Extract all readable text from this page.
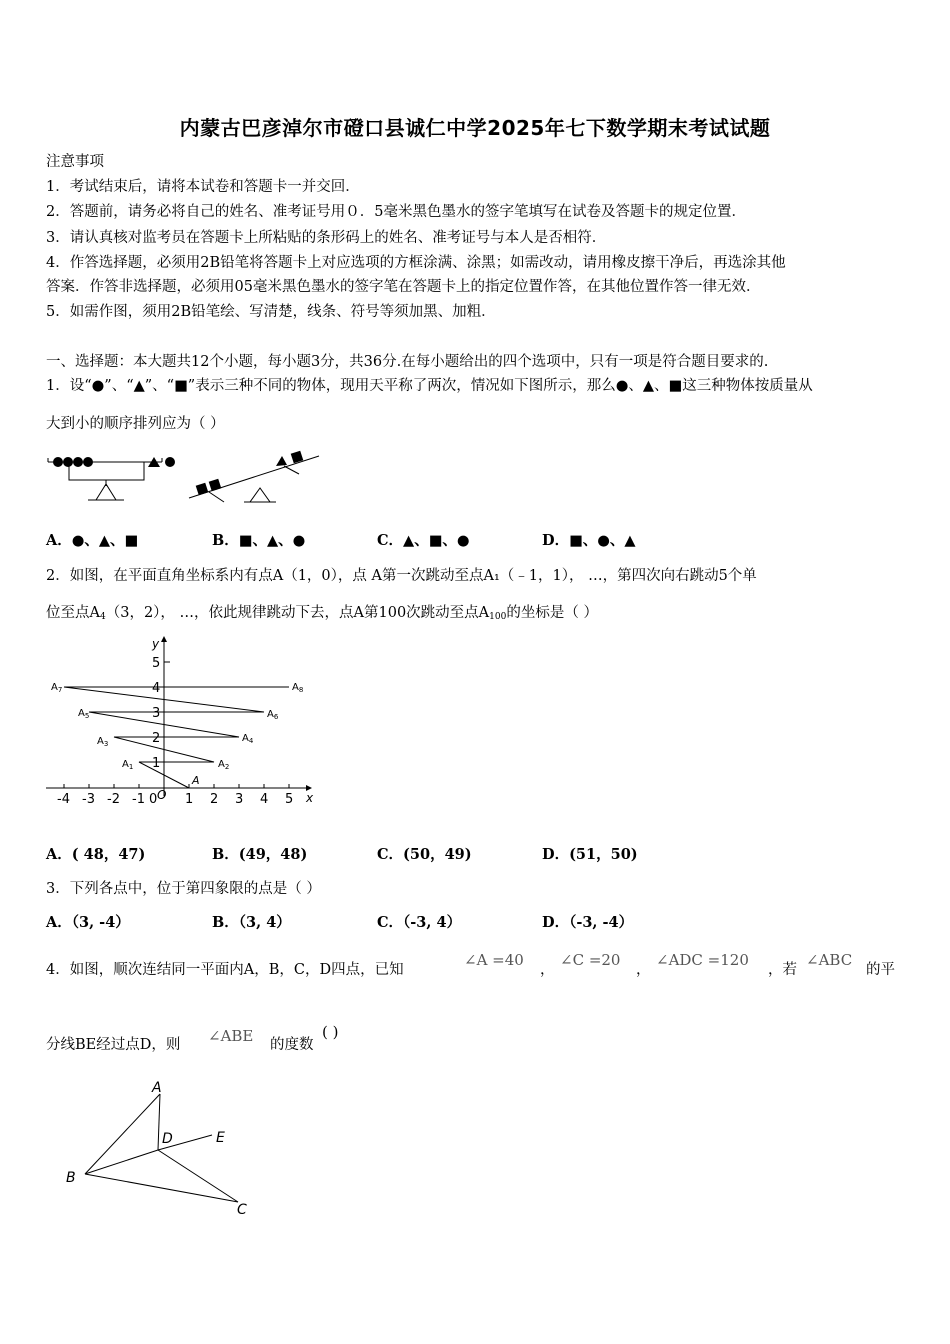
内蒙古巴彦淖尔市磴口县诚仁中学2025年七下数学期末考试试题
注意事项
1．考试结束后，请将本试卷和答题卡一并交回．
2．答题前，请务必将自己的姓名、准考证号用０．5毫米黑色墨水的签字笔填写在试卷及答题卡的规定位置．
3．请认真核对监考员在答题卡上所粘贴的条形码上的姓名、准考证号与本人是否相符．
4．作答选择题，必须用2B铅笔将答题卡上对应选项的方框涂满、涂黑；如需改动，请用橡皮擦干净后，再选涂其他
答案．作答非选择题，必须用05毫米黑色墨水的签字笔在答题卡上的指定位置作答，在其他位置作答一律无效．
5．如需作图，须用2B铅笔绘、写清楚，线条、符号等须加黑、加粗．
一、选择题：本大题共12个小题，每小题3分，共36分.在每小题给出的四个选项中，只有一项是符合题目要求的.
1．设“●”、“▲”、“■”表示三种不同的物体，现用天平称了两次，情况如下图所示，那么●、▲、■这三种物体按质量从
大到小的顺序排列应为（ ）
A．●、▲、■	B．■、▲、●	C．▲、■、●	D．■、●、▲
2．如图，在平面直角坐标系内有点A（1，0），点 A第一次跳动至点A₁（﹣1，1）， …，第四次向右跳动5个单
位至点$A_4(3$，2）， …，依此规律跳动下去，点A第100次跳动至点$A_{100}$的坐标是（ ）
x
y
1
2
3
4
5
-4 -3 -2 -1 0 O 1 2 3 4 5
A
$A_1$	$A_2$
$A_3$	$A_4$
$A_5$	$A_6$
$A_7$	$A_8$
A．( 48，47)	B．(49，48)	C．(50，49)	D．(51，50)
3．下列各点中，位于第四象限的点是（ ）
A．（3, -4）	B．（3, 4）	C．（-3, 4）	D．（-3, -4）
4．如图，顺次连结同一平面内A，B，C，D四点，已知
∠A =40
，
∠C =20
，
∠ADC =120
，若
∠ABC
的平
分线BE经过点D，则 ∠ABE 的度数
( )
A
B
C
D	E
